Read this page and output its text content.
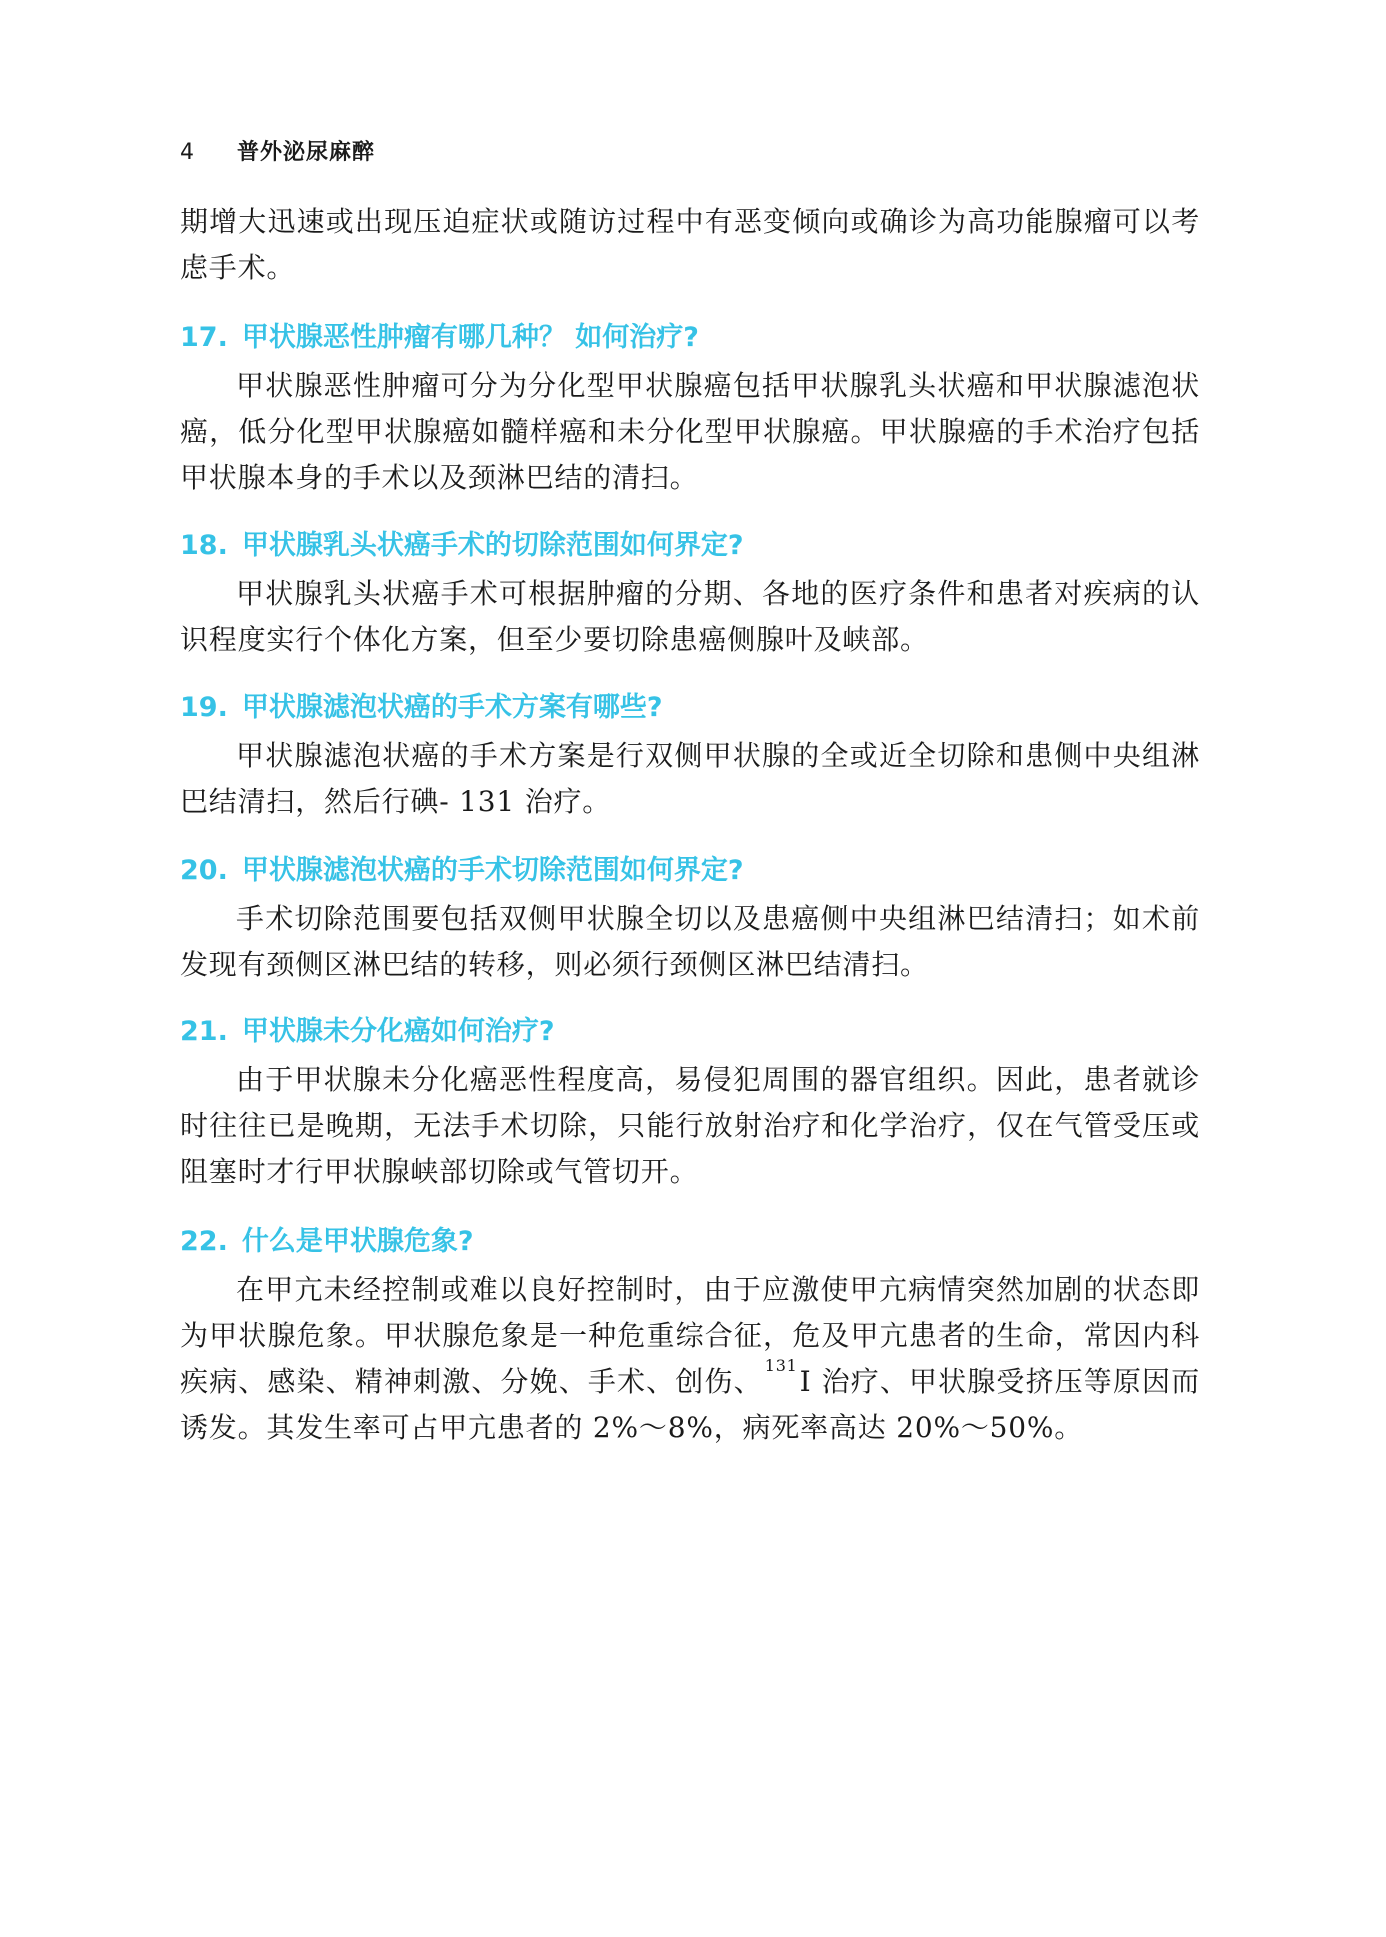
4 普外泌尿麻醉

期增大迅速或出现压迫症状或随访过程中有恶变倾向或确诊为高功能腺瘤可以考虑手术。

17. 甲状腺恶性肿瘤有哪几种？ 如何治疗?

甲状腺恶性肿瘤可分为分化型甲状腺癌包括甲状腺乳头状癌和甲状腺滤泡状癌，低分化型甲状腺癌如髓样癌和未分化型甲状腺癌。甲状腺癌的手术治疗包括甲状腺本身的手术以及颈淋巴结的清扫。

18. 甲状腺乳头状癌手术的切除范围如何界定?

甲状腺乳头状癌手术可根据肿瘤的分期、各地的医疗条件和患者对疾病的认识程度实行个体化方案，但至少要切除患癌侧腺叶及峡部。

19. 甲状腺滤泡状癌的手术方案有哪些?

甲状腺滤泡状癌的手术方案是行双侧甲状腺的全或近全切除和患侧中央组淋巴结清扫，然后行碘- 131 治疗。

20. 甲状腺滤泡状癌的手术切除范围如何界定?

手术切除范围要包括双侧甲状腺全切以及患癌侧中央组淋巴结清扫；如术前发现有颈侧区淋巴结的转移，则必须行颈侧区淋巴结清扫。

21. 甲状腺未分化癌如何治疗?

由于甲状腺未分化癌恶性程度高，易侵犯周围的器官组织。因此，患者就诊时往往已是晚期，无法手术切除，只能行放射治疗和化学治疗，仅在气管受压或阻塞时才行甲状腺峡部切除或气管切开。

22. 什么是甲状腺危象?

在甲亢未经控制或难以良好控制时，由于应激使甲亢病情突然加剧的状态即为甲状腺危象。甲状腺危象是一种危重综合征，危及甲亢患者的生命，常因内科疾病、感染、精神刺激、分娩、手术、创伤、 $^{131}$I 治疗、甲状腺受挤压等原因而诱发。其发生率可占甲亢患者的 2%～8%，病死率高达 20%～50%。
